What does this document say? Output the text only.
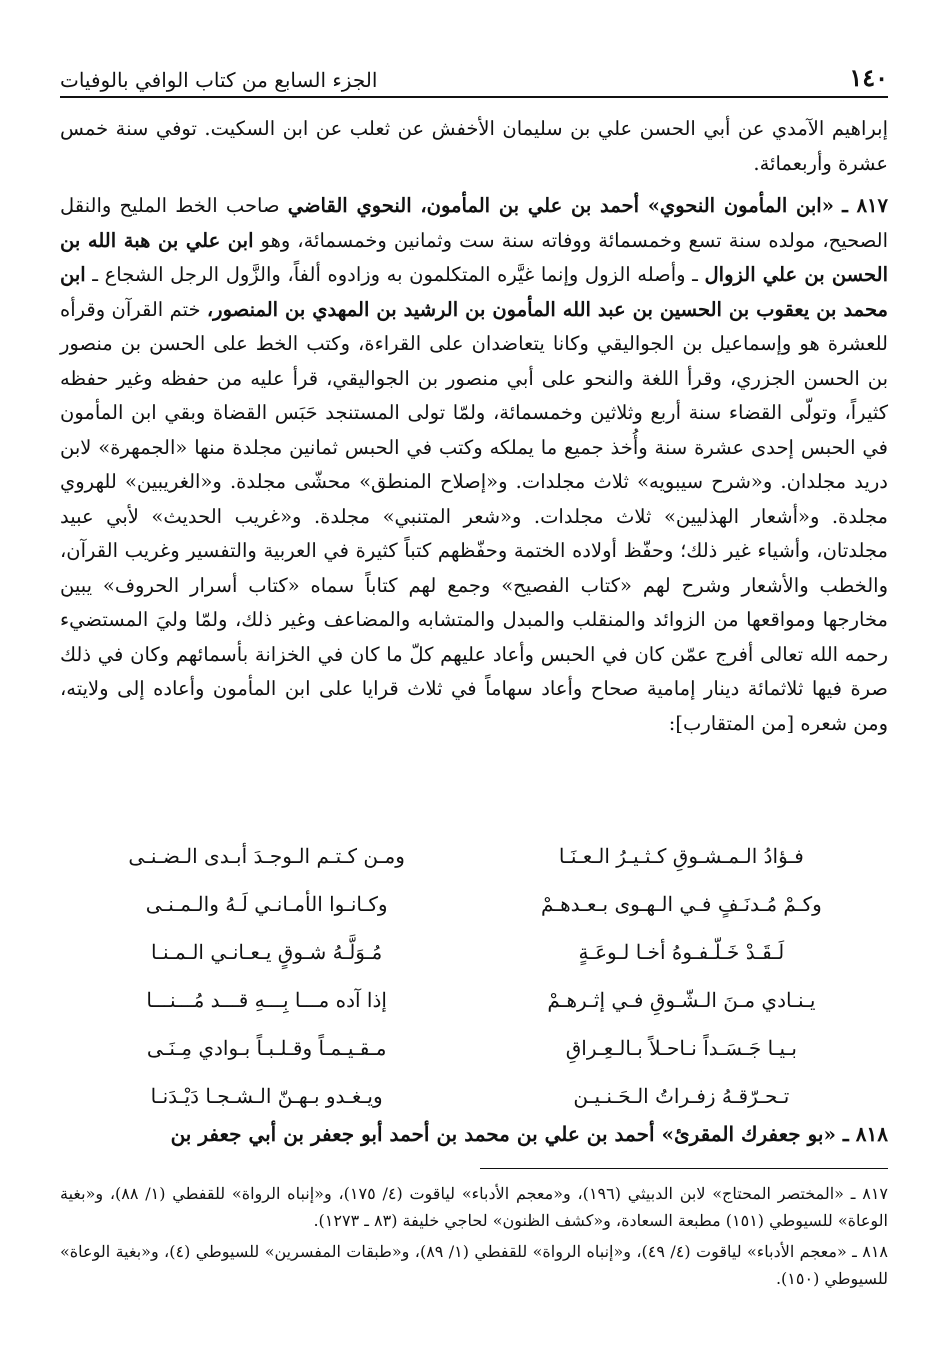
١٤٠
الجزء السابع من كتاب الوافي بالوفيات

إبراهيم الآمدي عن أبي الحسن علي بن سليمان الأخفش عن ثعلب عن ابن السكيت. توفي سنة خمس عشرة وأربعمائة.

٨١٧ ـ «ابن المأمون النحوي» أحمد بن علي بن المأمون، النحوي القاضي صاحب الخط المليح والنقل الصحيح، مولده سنة تسع وخمسمائة ووفاته سنة ست وثمانين وخمسمائة، وهو ابن علي بن هبة الله بن الحسن بن علي الزوال ـ وأصله الزول وإنما غيَّره المتكلمون به وزادوه ألفاً، والزَّول الرجل الشجاع ـ ابن محمد بن يعقوب بن الحسين بن عبد الله المأمون بن الرشيد بن المهدي بن المنصور، ختم القرآن وقرأه للعشرة هو وإسماعيل بن الجواليقي وكانا يتعاضدان على القراءة، وكتب الخط على الحسن بن منصور بن الحسن الجزري، وقرأ اللغة والنحو على أبي منصور بن الجواليقي، قرأ عليه من حفظه وغير حفظه كثيراً، وتولّى القضاء سنة أربع وثلاثين وخمسمائة، ولمّا تولى المستنجد حَبَس القضاة وبقي ابن المأمون في الحبس إحدى عشرة سنة وأُخذ جميع ما يملكه وكتب في الحبس ثمانين مجلدة منها «الجمهرة» لابن دريد مجلدان. و«شرح سيبويه» ثلاث مجلدات. و«إصلاح المنطق» محشّى مجلدة. و«الغريبين» للهروي مجلدة. و«أشعار الهذليين» ثلاث مجلدات. و«شعر المتنبي» مجلدة. و«غريب الحديث» لأبي عبيد مجلدتان، وأشياء غير ذلك؛ وحفّظ أولاده الختمة وحفّظهم كتباً كثيرة في العربية والتفسير وغريب القرآن، والخطب والأشعار وشرح لهم «كتاب الفصيح» وجمع لهم كتاباً سماه «كتاب أسرار الحروف» يبين مخارجها ومواقعها من الزوائد والمنقلب والمبدل والمتشابه والمضاعف وغير ذلك، ولمّا وليَ المستضيء رحمه الله تعالى أفرج عمّن كان في الحبس وأعاد عليهم كلّ ما كان في الخزانة بأسمائهم وكان في ذلك صرة فيها ثلاثمائة دينار إمامية صحاح وأعاد سهاماً في ثلاث قرايا على ابن المأمون وأعاده إلى ولايته، ومن شعره [من المتقارب]:

فـؤادُ الـمـشـوقِ كـثـيـرُ الـعـنَـا
ومـن كـتـم الـوجـدَ أبـدى الـضـنـى
وكـمْ مُـدنَـفٍ فـي الـهـوى بـعـدهـمْ
وكـانـوا الأمـانـي لَـهُ والـمـنـى
لَـقَـدْ خَـلّـفـوهُ أخـا لـوعَـةٍ
مُـوَلَّـهُ شـوقٍ يـعـانـي الـمـنـا
يـنـادي مـنَ الـشّـوقِ فـي إثـرهـمْ
إذا آده مـــا بِـــهِ قـــد مُـــنـــا
بـيـا جَـسَـداً نـاحـلاً بـالـعِـراقِ
مـقـيـمـاً وقـلـبـاً بـوادي مِـنَـى
تـحـرّقـهُ زفـراتُ الـحَـنـيـن
ويـغـدو بـهـنّ الـشـجـا دَيْـدَنـا
٨١٨ ـ «بو جعفرك المقرئ» أحمد بن علي بن محمد بن أحمد أبو جعفر بن أبي جعفر بن

٨١٧ ـ «المختصر المحتاج» لابن الدبيثي (١٩٦)، و«معجم الأدباء» لياقوت (٤/ ١٧٥)، و«إنباه الرواة» للقفطي (١/ ٨٨)، و«بغية الوعاة» للسيوطي (١٥١) مطبعة السعادة، و«كشف الظنون» لحاجي خليفة (٨٣ ـ ١٢٧٣).

٨١٨ ـ «معجم الأدباء» لياقوت (٤/ ٤٩)، و«إنباه الرواة» للقفطي (١/ ٨٩)، و«طبقات المفسرين» للسيوطي (٤)، و«بغية الوعاة» للسيوطي (١٥٠).
